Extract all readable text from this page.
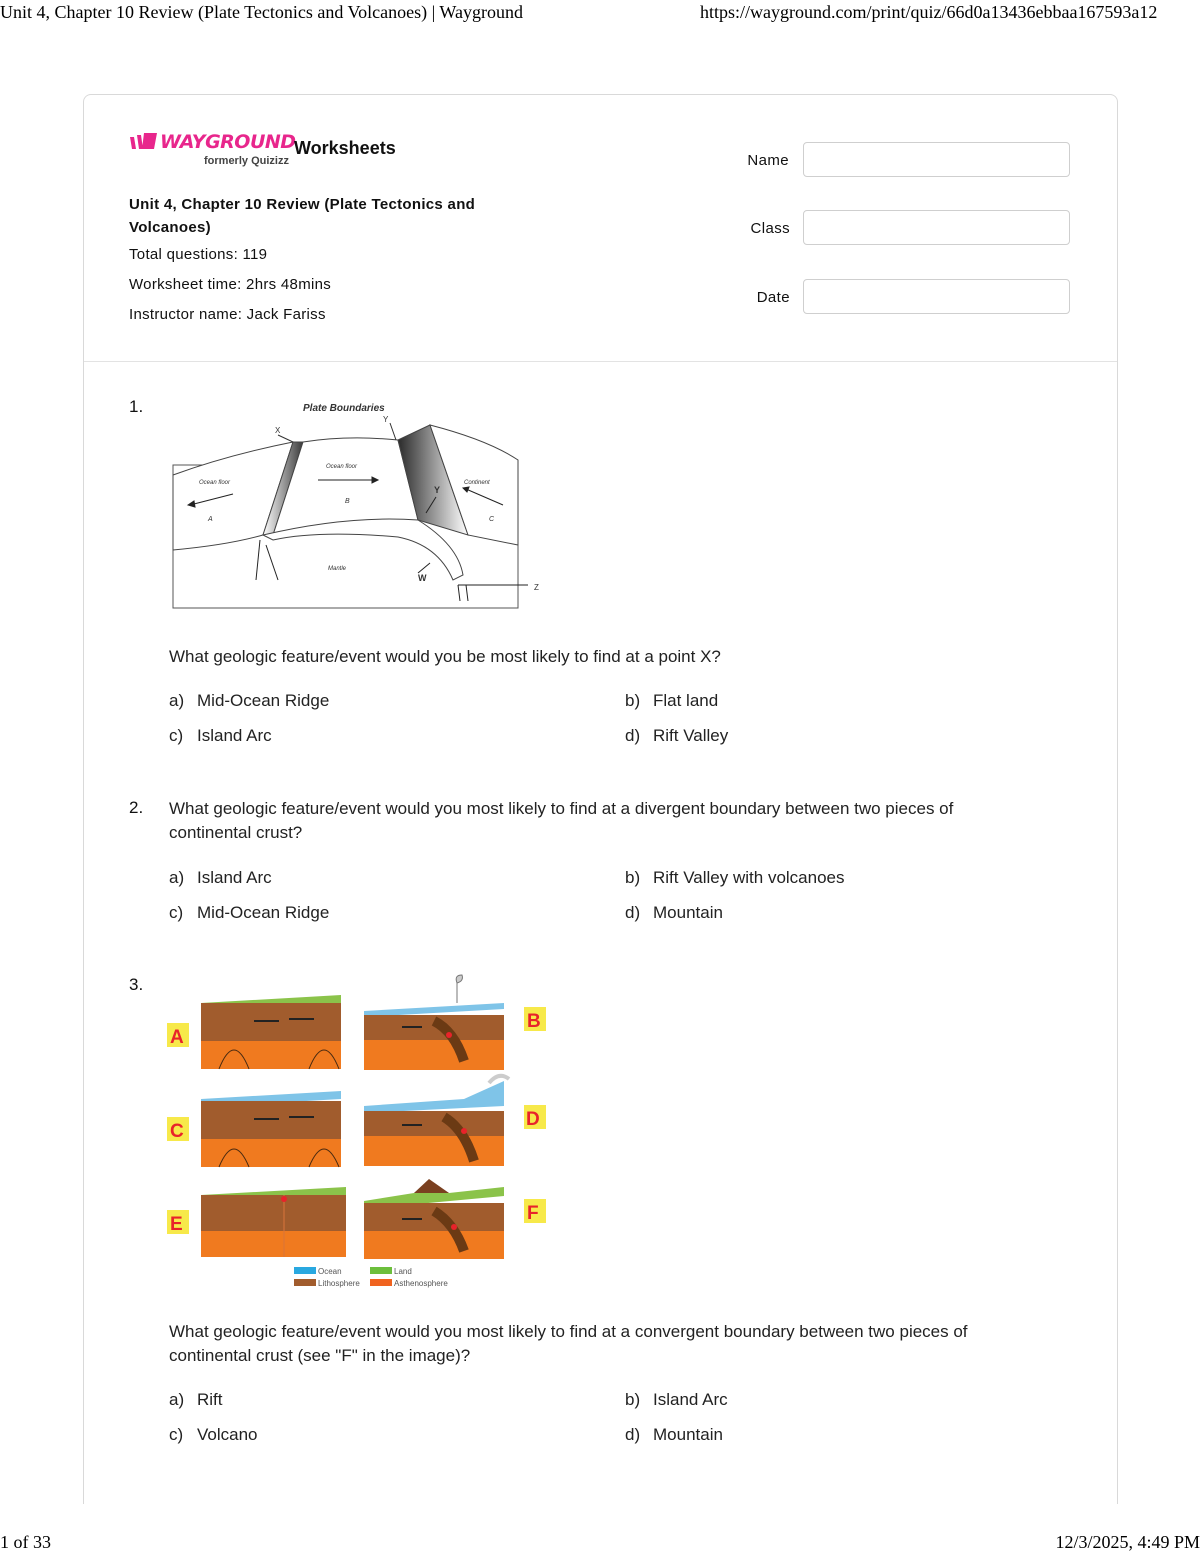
Unit 4, Chapter 10 Review (Plate Tectonics and Volcanoes) | Wayground	https://wayground.com/print/quiz/66d0a13436ebbaa167593a12
WAYGROUND
formerly Quizizz
Worksheets
Unit 4, Chapter 10 Review (Plate Tectonics and Volcanoes)
Total questions: 119
Worksheet time: 2hrs 48mins
Instructor name: Jack Fariss
Name
Class
Date
1.	Plate Boundaries
X
Y
Y
W
Z
A
B
C
Ocean floor
Ocean floor
Continent
Mantle
What geologic feature/event would you be most likely to find at a point X?
a) Mid-Ocean Ridge	b) Flat land
c) Island Arc	d) Rift Valley
2. What geologic feature/event would you most likely to find at a divergent boundary between two pieces of continental crust?
a) Island Arc	b) Rift Valley with volcanoes
c) Mid-Ocean Ridge	d) Mountain
3.
A
B
C
D
E
F
Ocean	Land
Lithosphere	Asthenosphere
What geologic feature/event would you most likely to find at a convergent boundary between two pieces of continental crust (see "F" in the image)?
a) Rift	b) Island Arc
c) Volcano	d) Mountain
1 of 33	12/3/2025, 4:49 PM
